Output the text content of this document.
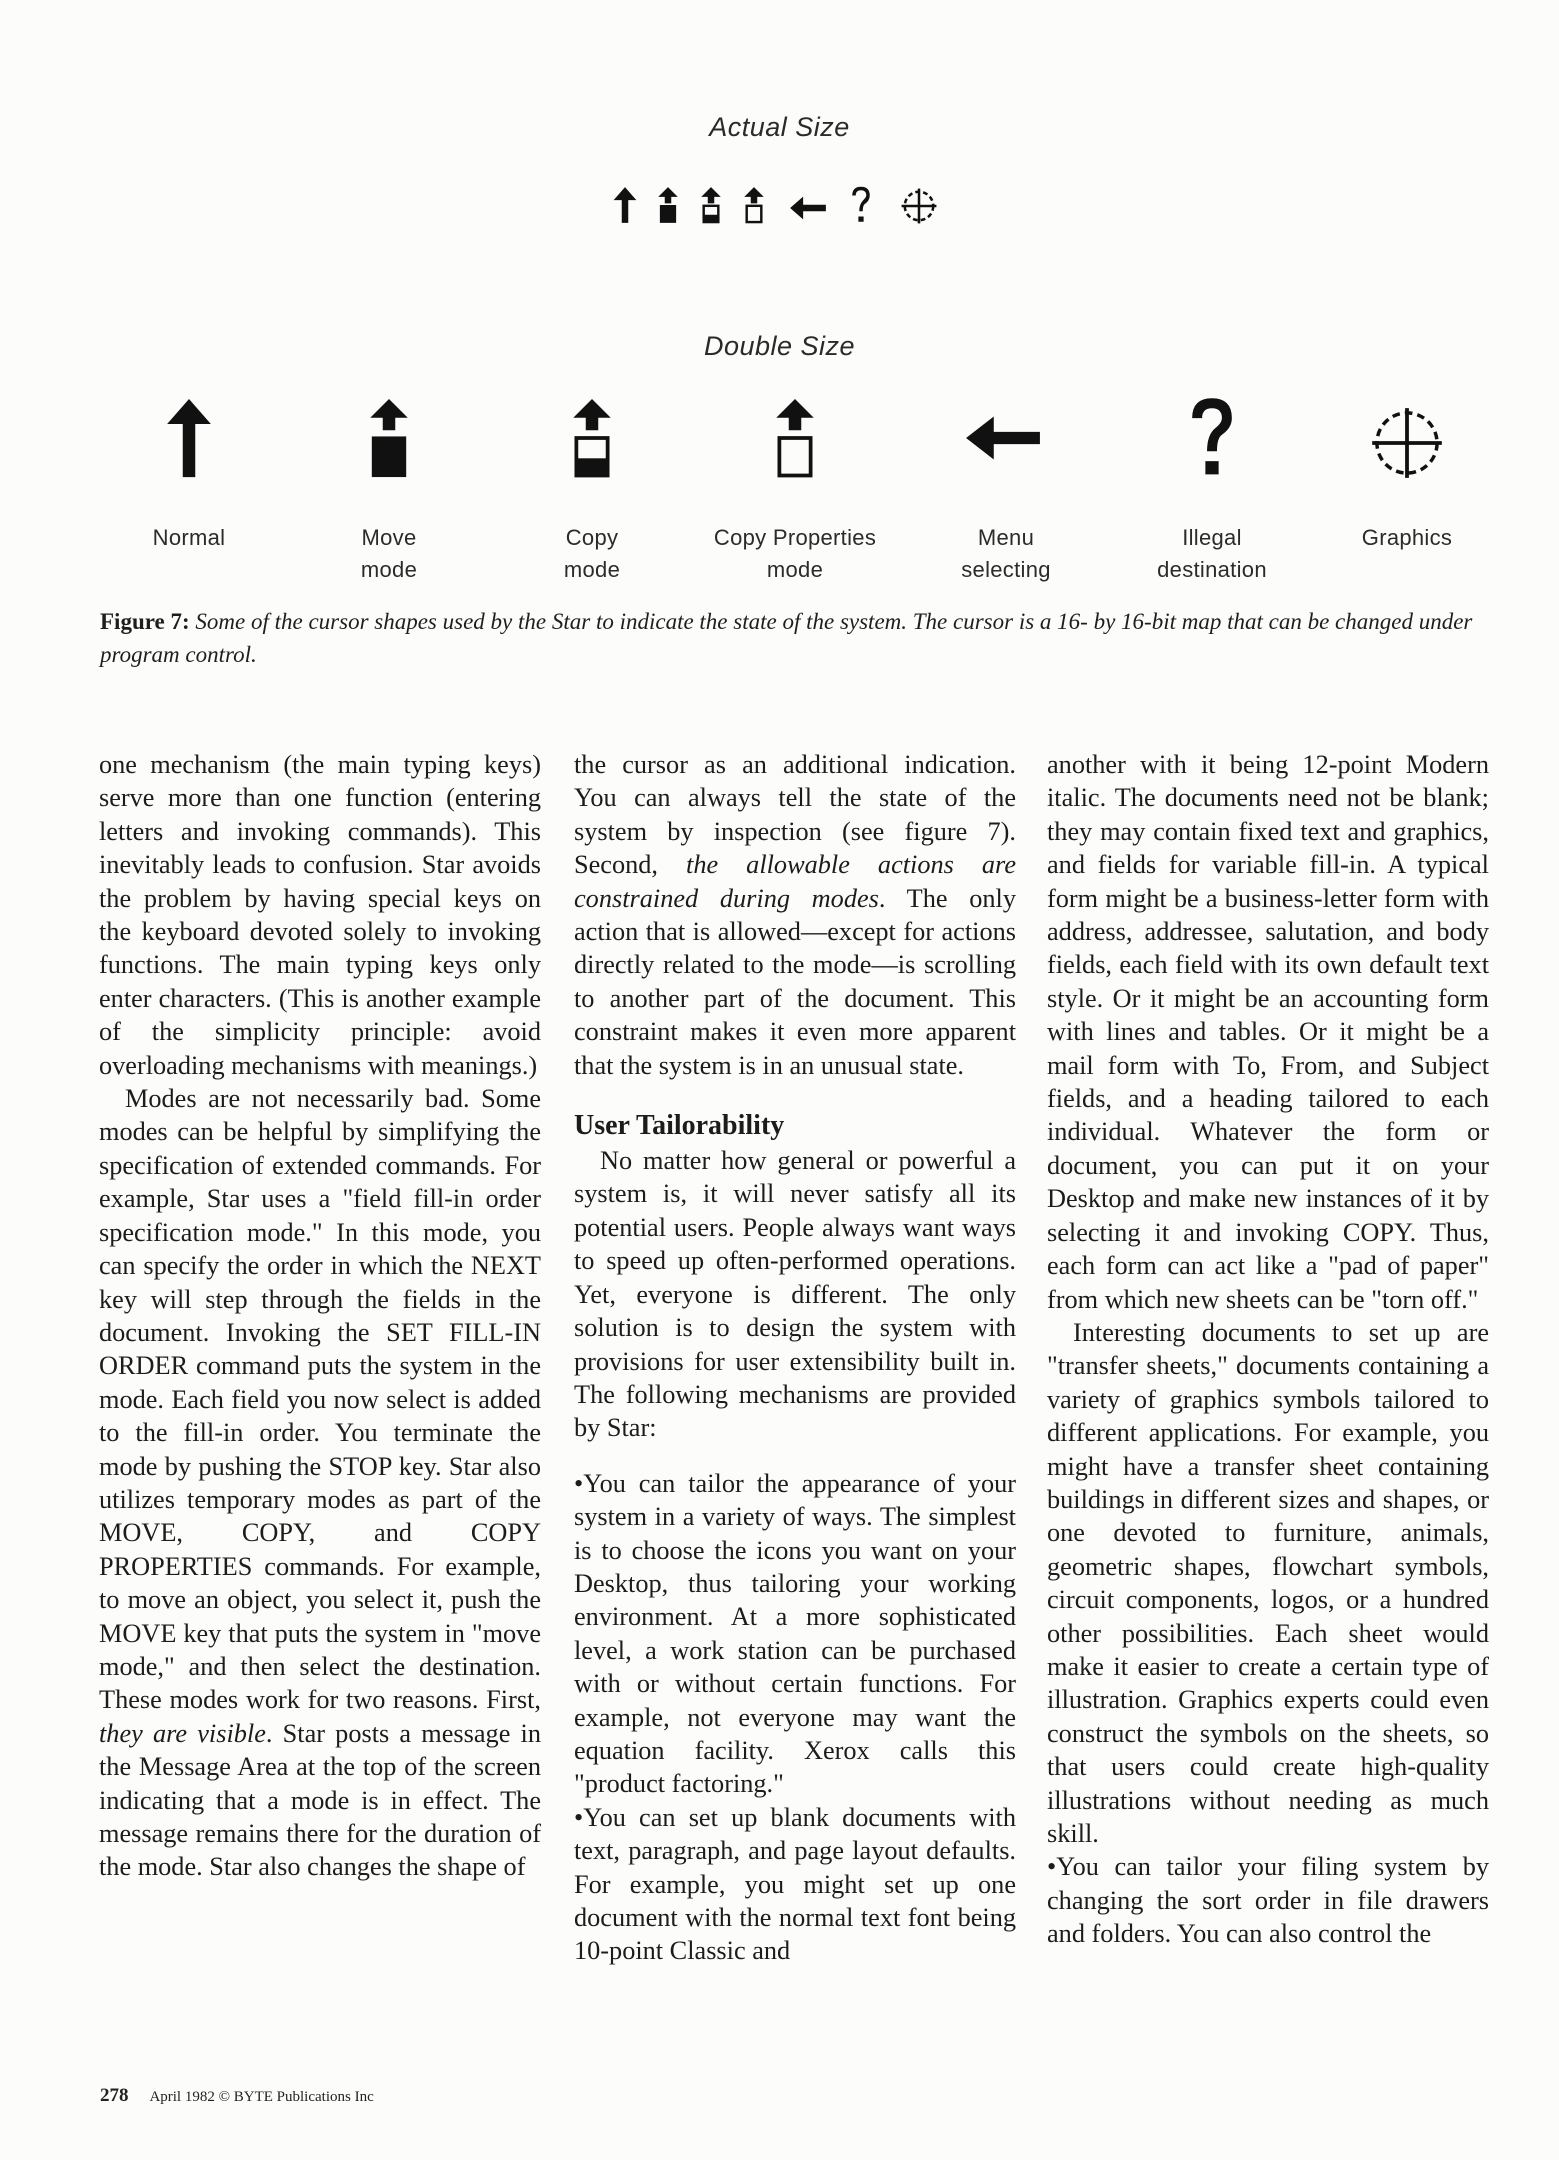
Actual Size
Double Size
Normal	Move
mode
Copy
mode
Copy Properties
mode
Menu
selecting
Illegal
destination
Graphics
Figure 7: Some of the cursor shapes used by the Star to indicate the state of the system. The cursor is a 16- by 16-bit map that can be changed under program control.

one mechanism (the main typing keys) serve more than one function (entering letters and invoking commands). This inevitably leads to confusion. Star avoids the problem by having special keys on the keyboard devoted solely to invoking functions. The main typing keys only enter characters. (This is another example of the simplicity principle: avoid overloading mechanisms with meanings.)

Modes are not necessarily bad. Some modes can be helpful by simplifying the specification of extended commands. For example, Star uses a "field fill-in order specification mode." In this mode, you can specify the order in which the NEXT key will step through the fields in the document. Invoking the SET FILL-IN ORDER command puts the system in the mode. Each field you now select is added to the fill-in order. You terminate the mode by pushing the STOP key. Star also utilizes temporary modes as part of the MOVE, COPY, and COPY PROPERTIES commands. For example, to move an object, you select it, push the MOVE key that puts the system in "move mode," and then select the destination. These modes work for two reasons. First, they are visible. Star posts a message in the Message Area at the top of the screen indicating that a mode is in effect. The message remains there for the duration of the mode. Star also changes the shape of

the cursor as an additional indication. You can always tell the state of the system by inspection (see figure 7). Second, the allowable actions are constrained during modes. The only action that is allowed—except for actions directly related to the mode—is scrolling to another part of the document. This constraint makes it even more apparent that the system is in an unusual state.

User Tailorability

No matter how general or powerful a system is, it will never satisfy all its potential users. People always want ways to speed up often-performed operations. Yet, everyone is different. The only solution is to design the system with provisions for user extensibility built in. The following mechanisms are provided by Star:

•You can tailor the appearance of your system in a variety of ways. The simplest is to choose the icons you want on your Desktop, thus tailoring your working environment. At a more sophisticated level, a work station can be purchased with or without certain functions. For example, not everyone may want the equation facility. Xerox calls this "product factoring."

•You can set up blank documents with text, paragraph, and page layout defaults. For example, you might set up one document with the normal text font being 10-point Classic and

another with it being 12-point Modern italic. The documents need not be blank; they may contain fixed text and graphics, and fields for variable fill-in. A typical form might be a business-letter form with address, addressee, salutation, and body fields, each field with its own default text style. Or it might be an accounting form with lines and tables. Or it might be a mail form with To, From, and Subject fields, and a heading tailored to each individual. Whatever the form or document, you can put it on your Desktop and make new instances of it by selecting it and invoking COPY. Thus, each form can act like a "pad of paper" from which new sheets can be "torn off."

Interesting documents to set up are "transfer sheets," documents containing a variety of graphics symbols tailored to different applications. For example, you might have a transfer sheet containing buildings in different sizes and shapes, or one devoted to furniture, animals, geometric shapes, flowchart symbols, circuit components, logos, or a hundred other possibilities. Each sheet would make it easier to create a certain type of illustration. Graphics experts could even construct the symbols on the sheets, so that users could create high-quality illustrations without needing as much skill.

•You can tailor your filing system by changing the sort order in file drawers and folders. You can also control the

278 April 1982 © BYTE Publications Inc
